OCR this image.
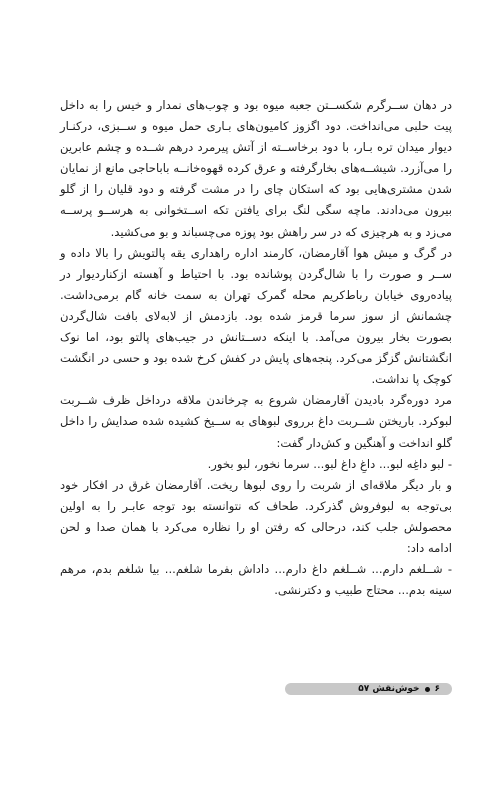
در دهان ســرگرم شکســتن جعبه میوه بود و چوب‌های نمدار و خیس را به داخل پیت حلبی می‌انداخت. دود اگزوز کامیون‌های بـاری حمل میوه و ســبزی، درکنـار دیوار میدان تره بـار، با دود برخاســته از آتش پیرمرد درهم شــده و چشم عابرین را می‌آزرد. شیشــه‌های بخارگرفته و عرق کرده قهوه‌خانــه باباحاجی مانع از نمایان شدن مشتری‌هایی بود که استکان چای را در مشت گرفته و دود قلیان را از گلو بیرون می‌دادند. ماچه سگی لنگ برای یافتن تکه اســتخوانی به هرســو پرســه می‌زد و به هرچیزی که در سر راهش بود پوزه می‌چسباند و بو می‌کشید.

در گرگ و میش هوا آقارمضان، کارمند اداره راهداری یقه پالتویش را بالا داده و ســر و صورت را با شال‌گردن پوشانده بود. با احتیاط و آهسته ازکناردیوار در پیاده‌روی خیابان رباط‌کریم محله گمرک تهران به سمت خانه گام برمی‌داشت. چشمانش از سوز سرما قرمز شده بود. بازدمش از لابه‌لای بافت شال‌گردن بصورت بخار بیرون می‌آمد. با اینکه دســتانش در جیب‌های پالتو بود، اما نوک انگشتانش گزگز می‌کرد. پنجه‌های پایش در کفش کرخ شده بود و حسی در انگشت کوچک پا نداشت.

مرد دوره‌گرد بادیدن آقارمضان شروع به چرخاندن ملاقه درداخل ظرف شــربت لبوکرد. باریختن شــربت داغ برروی لبوهای به ســیخ کشیده شده صدایش را داخل گلو انداخت و آهنگین و کش‌دار گفت:

- لبو داغِه لبو... داغِ داغ لبو... سرما نخور، لبو بخور.

و بار دیگر ملاقه‌ای از شربت را روی لبوها ریخت. آقارمضان غرق در افکار خود بی‌توجه به لبوفروش گذرکرد. طحاف که نتوانسته بود توجه عابـر را به اولین محصولش جلب کند، درحالی که رفتن او را نظاره می‌کرد با همان صدا و لحن ادامه داد:

- شــلغم دارم... شــلغم داغ دارم... داداش بفرما شلغم... بیا شلغم بدم، مرهم سینه بدم... محتاج طبیب و دکترنشی.

۶
خوش‌نقش ۵۷
